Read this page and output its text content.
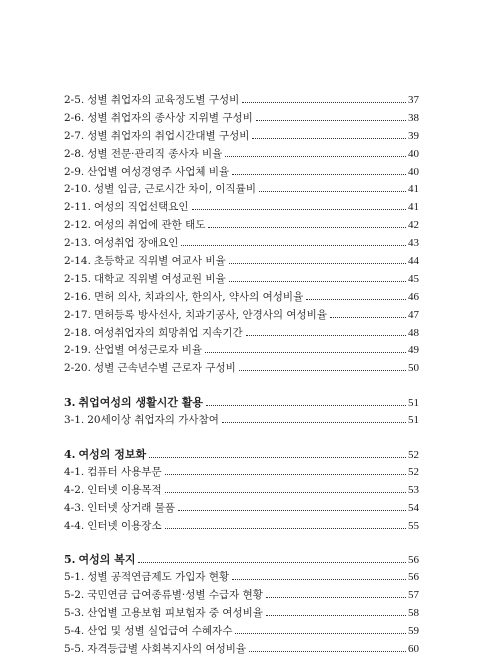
2-5. 성별 취업자의 교육정도별 구성비	37
2-6. 성별 취업자의 종사상 지위별 구성비	38
2-7. 성별 취업자의 취업시간대별 구성비	39
2-8. 성별 전문·관리직 종사자 비율	40
2-9. 산업별 여성경영주 사업체 비율	40
2-10. 성별 임금, 근로시간 차이, 이직률비	41
2-11. 여성의 직업선택요인	41
2-12. 여성의 취업에 관한 태도	42
2-13. 여성취업 장애요인	43
2-14. 초등학교 직위별 여교사 비율	44
2-15. 대학교 직위별 여성교원 비율	45
2-16. 면허 의사, 치과의사, 한의사, 약사의 여성비율	46
2-17. 면허등록 방사선사, 치과기공사, 안경사의 여성비율	47
2-18. 여성취업자의 희망취업 지속기간	48
2-19. 산업별 여성근로자 비율	49
2-20. 성별 근속년수별 근로자 구성비	50
3. 취업여성의 생활시간 활용	51
3-1. 20세이상 취업자의 가사참여	51
4. 여성의 정보화	52
4-1. 컴퓨터 사용부문	52
4-2. 인터넷 이용목적	53
4-3. 인터넷 상거래 물품	54
4-4. 인터넷 이용장소	55
5. 여성의 복지	56
5-1. 성별 공적연금제도 가입자 현황	56
5-2. 국민연금 급여종류별·성별 수급자 현황	57
5-3. 산업별 고용보험 피보험자 중 여성비율	58
5-4. 산업 및 성별 실업급여 수혜자수	59
5-5. 자격등급별 사회복지사의 여성비율	60
